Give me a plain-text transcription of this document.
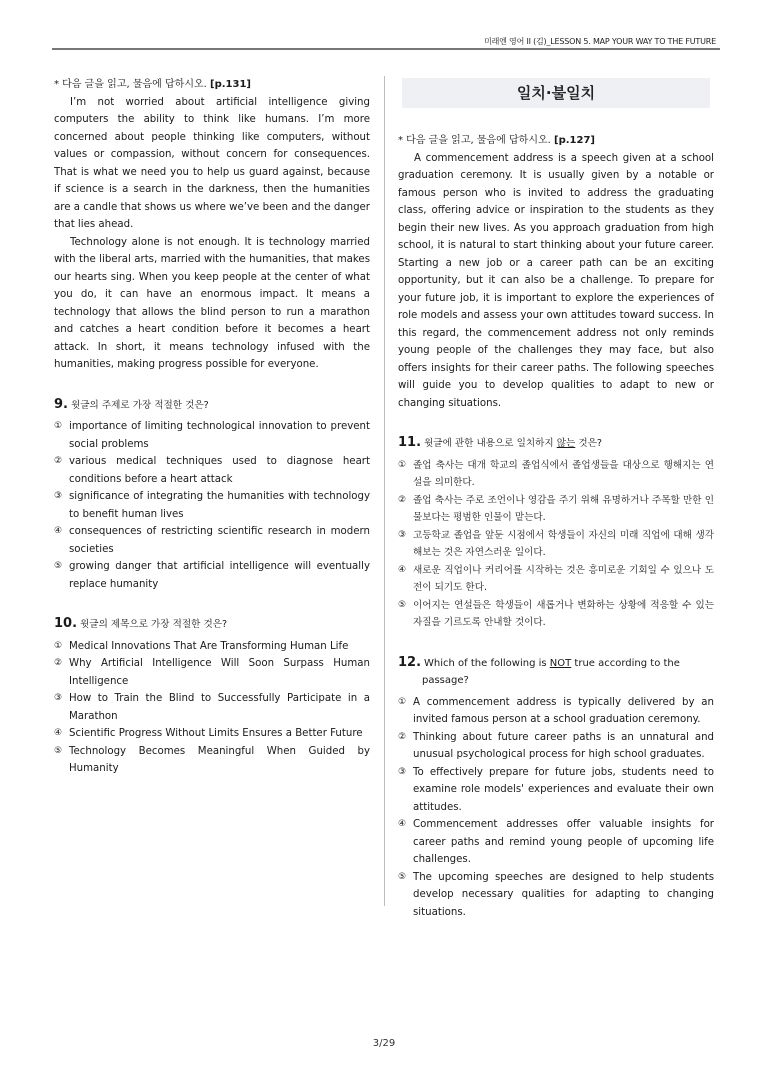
미래엔 영어 II (김)_LESSON 5. MAP YOUR WAY TO THE FUTURE
* 다음 글을 읽고, 물음에 답하시오. [p.131]

I’m not worried about artificial intelligence giving computers the ability to think like humans. I’m more concerned about people thinking like computers, without values or compassion, without concern for consequences. That is what we need you to help us guard against, because if science is a search in the darkness, then the humanities are a candle that shows us where we’ve been and the danger that lies ahead.

Technology alone is not enough. It is technology married with the liberal arts, married with the humanities, that makes our hearts sing. When you keep people at the center of what you do, it can have an enormous impact. It means a technology that allows the blind person to run a marathon and catches a heart condition before it becomes a heart attack. In short, it means technology infused with the humanities, making progress possible for everyone.

9. 윗글의 주제로 가장 적절한 것은?
① importance of limiting technological innovation to prevent social problems
② various medical techniques used to diagnose heart conditions before a heart attack
③ significance of integrating the humanities with technology to benefit human lives
④ consequences of restricting scientific research in modern societies
⑤ growing danger that artificial intelligence will eventually replace humanity
10. 윗글의 제목으로 가장 적절한 것은?
① Medical Innovations That Are Transforming Human Life
② Why Artificial Intelligence Will Soon Surpass Human Intelligence
③ How to Train the Blind to Successfully Participate in a Marathon
④ Scientific Progress Without Limits Ensures a Better Future
⑤ Technology Becomes Meaningful When Guided by Humanity
일치·불일치
* 다음 글을 읽고, 물음에 답하시오. [p.127]

A commencement address is a speech given at a school graduation ceremony. It is usually given by a notable or famous person who is invited to address the graduating class, offering advice or inspiration to the students as they begin their new lives. As you approach graduation from high school, it is natural to start thinking about your future career. Starting a new job or a career path can be an exciting opportunity, but it can also be a challenge. To prepare for your future job, it is important to explore the experiences of role models and assess your own attitudes toward success. In this regard, the commencement address not only reminds young people of the challenges they may face, but also offers insights for their career paths. The following speeches will guide you to develop qualities to adapt to new or changing situations.

11. 윗글에 관한 내용으로 일치하지 않는 것은?
① 졸업 축사는 대개 학교의 졸업식에서 졸업생들을 대상으로 행해지는 연설을 의미한다.
② 졸업 축사는 주로 조언이나 영감을 주기 위해 유명하거나 주목할 만한 인물보다는 평범한 인물이 맡는다.
③ 고등학교 졸업을 앞둔 시점에서 학생들이 자신의 미래 직업에 대해 생각해보는 것은 자연스러운 일이다.
④ 새로운 직업이나 커리어를 시작하는 것은 흥미로운 기회일 수 있으나 도전이 되기도 한다.
⑤ 이어지는 연설들은 학생들이 새롭거나 변화하는 상황에 적응할 수 있는 자질을 기르도록 안내할 것이다.
12. Which of the following is NOT true according to the passage?
① A commencement address is typically delivered by an invited famous person at a school graduation ceremony.
② Thinking about future career paths is an unnatural and unusual psychological process for high school graduates.
③ To effectively prepare for future jobs, students need to examine role models' experiences and evaluate their own attitudes.
④ Commencement addresses offer valuable insights for career paths and remind young people of upcoming life challenges.
⑤ The upcoming speeches are designed to help students develop necessary qualities for adapting to changing situations.
3/29
